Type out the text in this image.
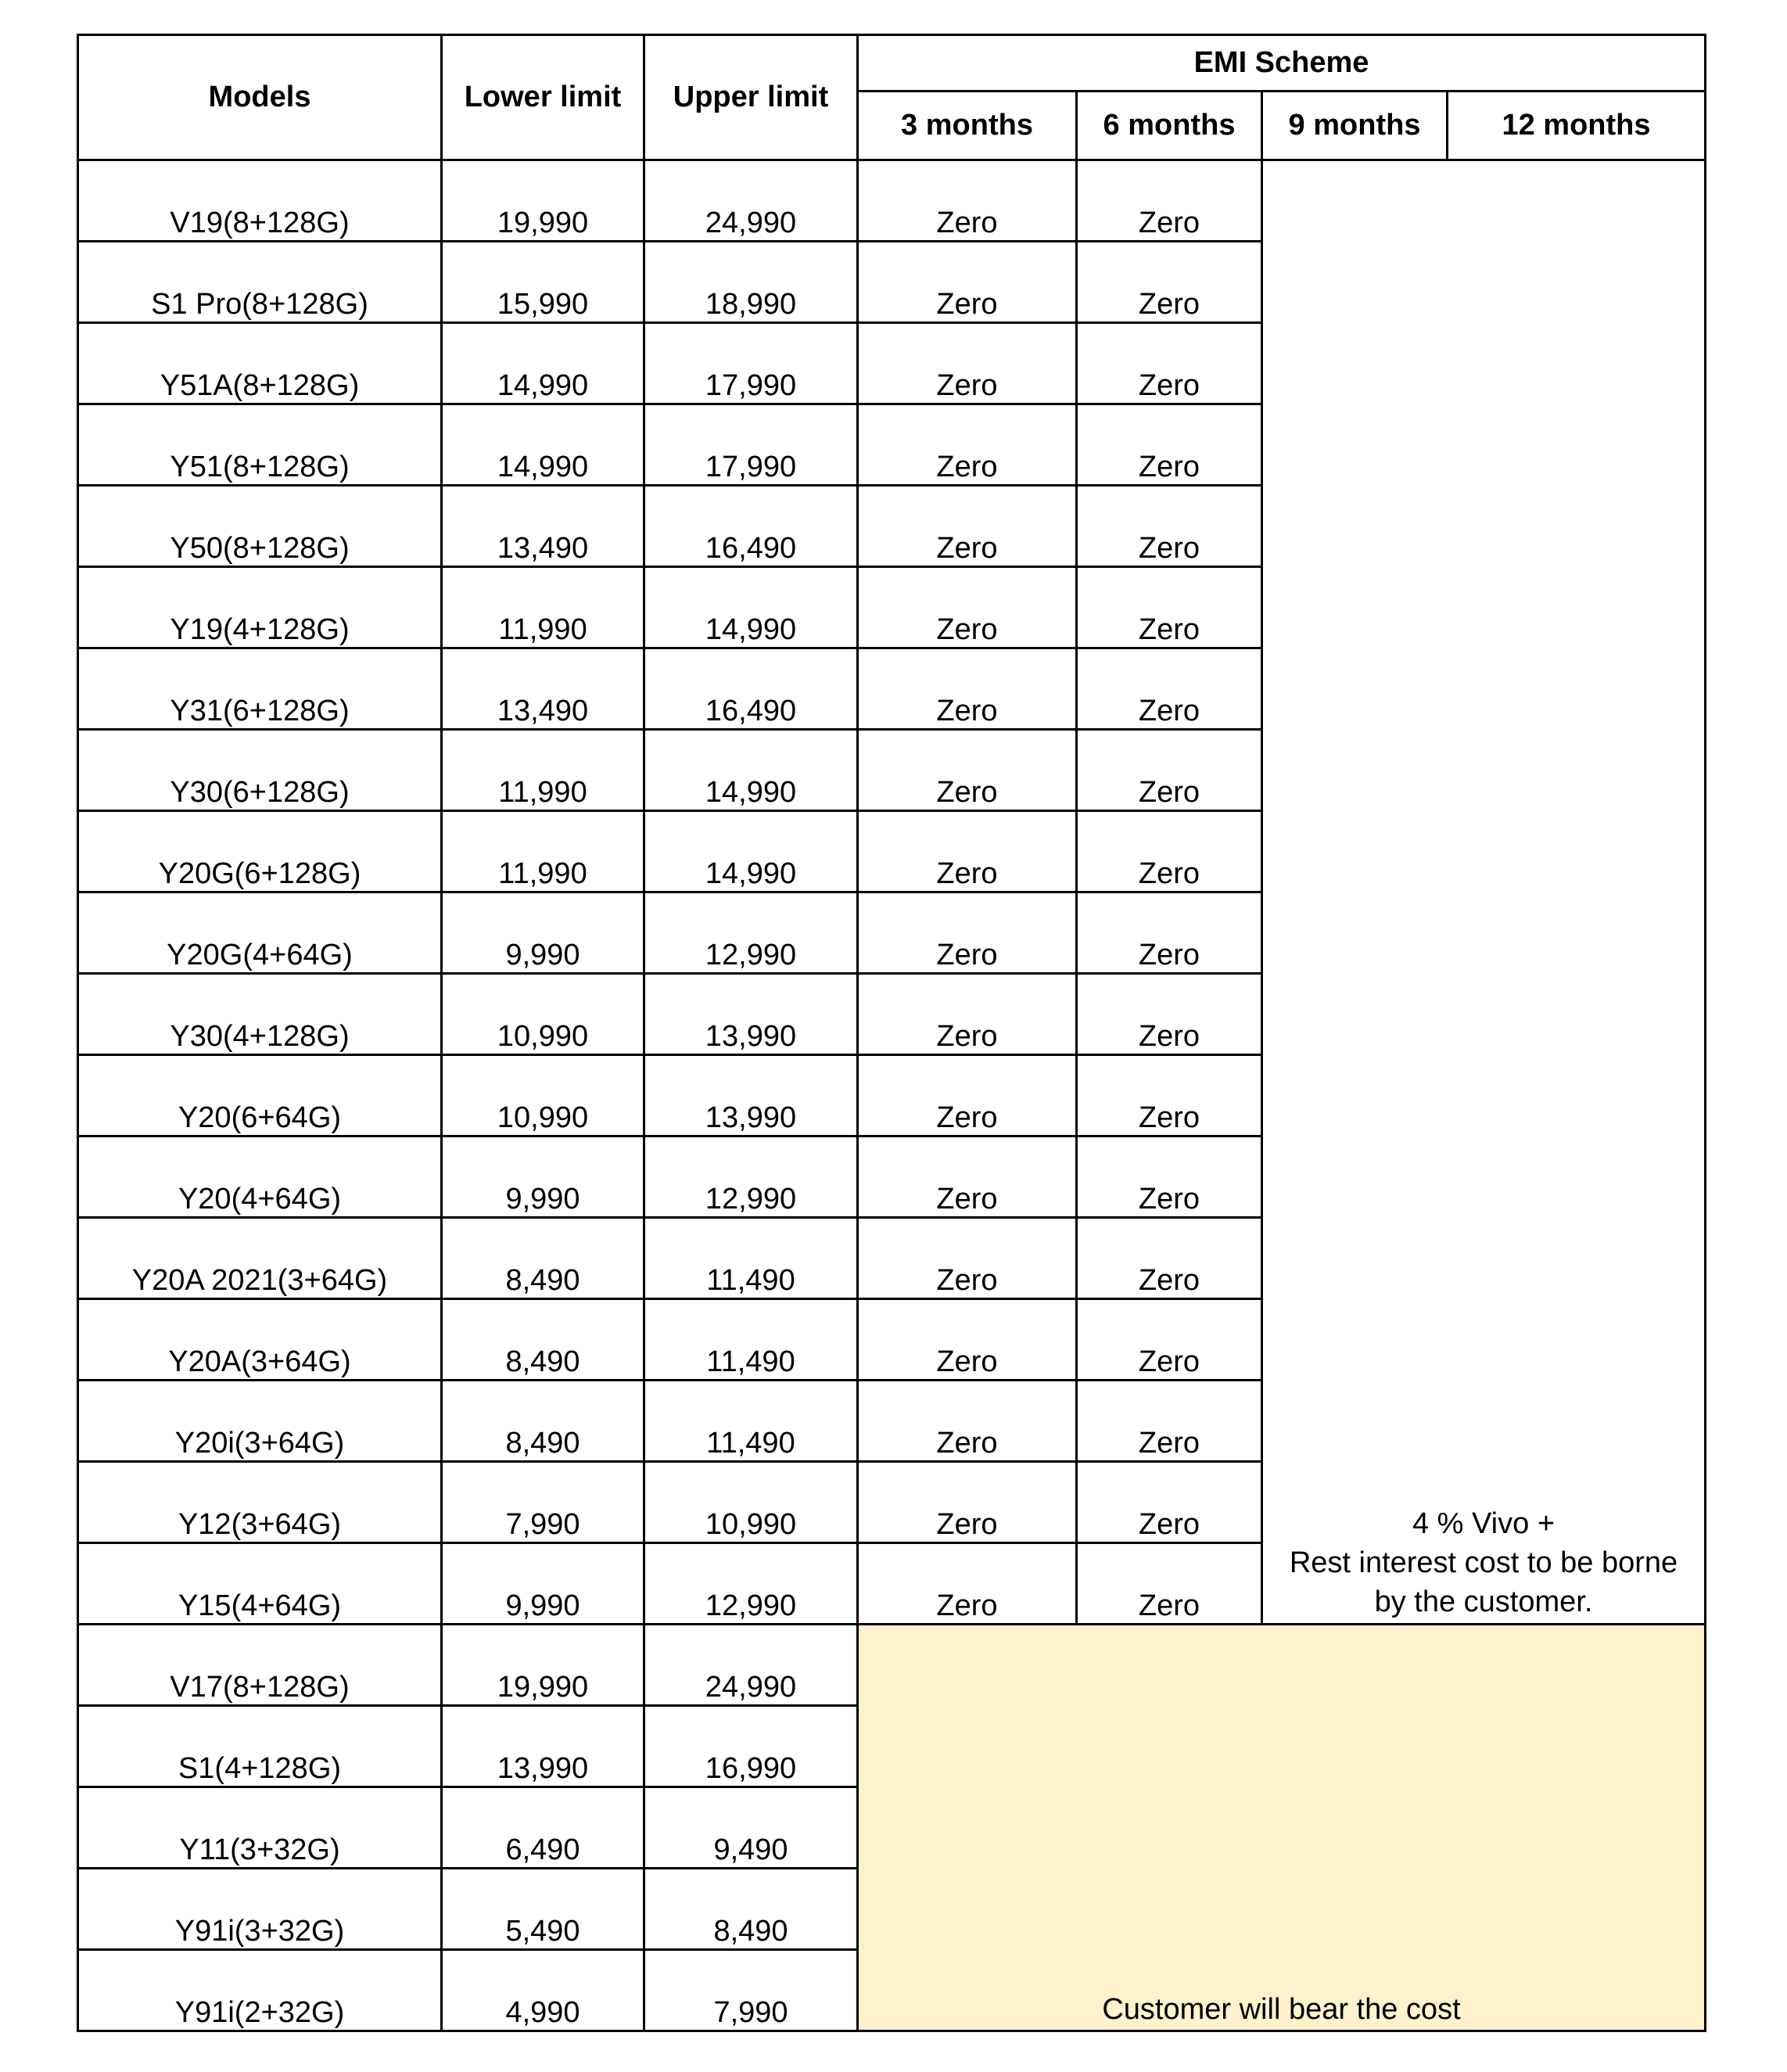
Models	Lower limit	Upper limit	EMI Scheme			
			3 months	6 months	9 months	12 months
V19(8+128G)	19,990	24,990	Zero	Zero	4 % Vivo +
Rest interest cost to be borne
by the customer.	

S1 Pro(8+128G)	15,990	18,990	Zero	Zero		
Y51A(8+128G)	14,990	17,990	Zero	Zero		
Y51(8+128G)	14,990	17,990	Zero	Zero		
Y50(8+128G)	13,490	16,490	Zero	Zero		
Y19(4+128G)	11,990	14,990	Zero	Zero		
Y31(6+128G)	13,490	16,490	Zero	Zero		
Y30(6+128G)	11,990	14,990	Zero	Zero		
Y20G(6+128G)	11,990	14,990	Zero	Zero		
Y20G(4+64G)	9,990	12,990	Zero	Zero		
Y30(4+128G)	10,990	13,990	Zero	Zero		
Y20(6+64G)	10,990	13,990	Zero	Zero		
Y20(4+64G)	9,990	12,990	Zero	Zero		
Y20A 2021(3+64G)	8,490	11,490	Zero	Zero		
Y20A(3+64G)	8,490	11,490	Zero	Zero		
Y20i(3+64G)	8,490	11,490	Zero	Zero		
Y12(3+64G)	7,990	10,990	Zero	Zero		
Y15(4+64G)	9,990	12,990	Zero	Zero		
V17(8+128G)	19,990	24,990	Customer will bear the cost			
S1(4+128G)	13,990	16,990				
Y11(3+32G)	6,490	9,490				
Y91i(3+32G)	5,490	8,490				
Y91i(2+32G)	4,990	7,990				
